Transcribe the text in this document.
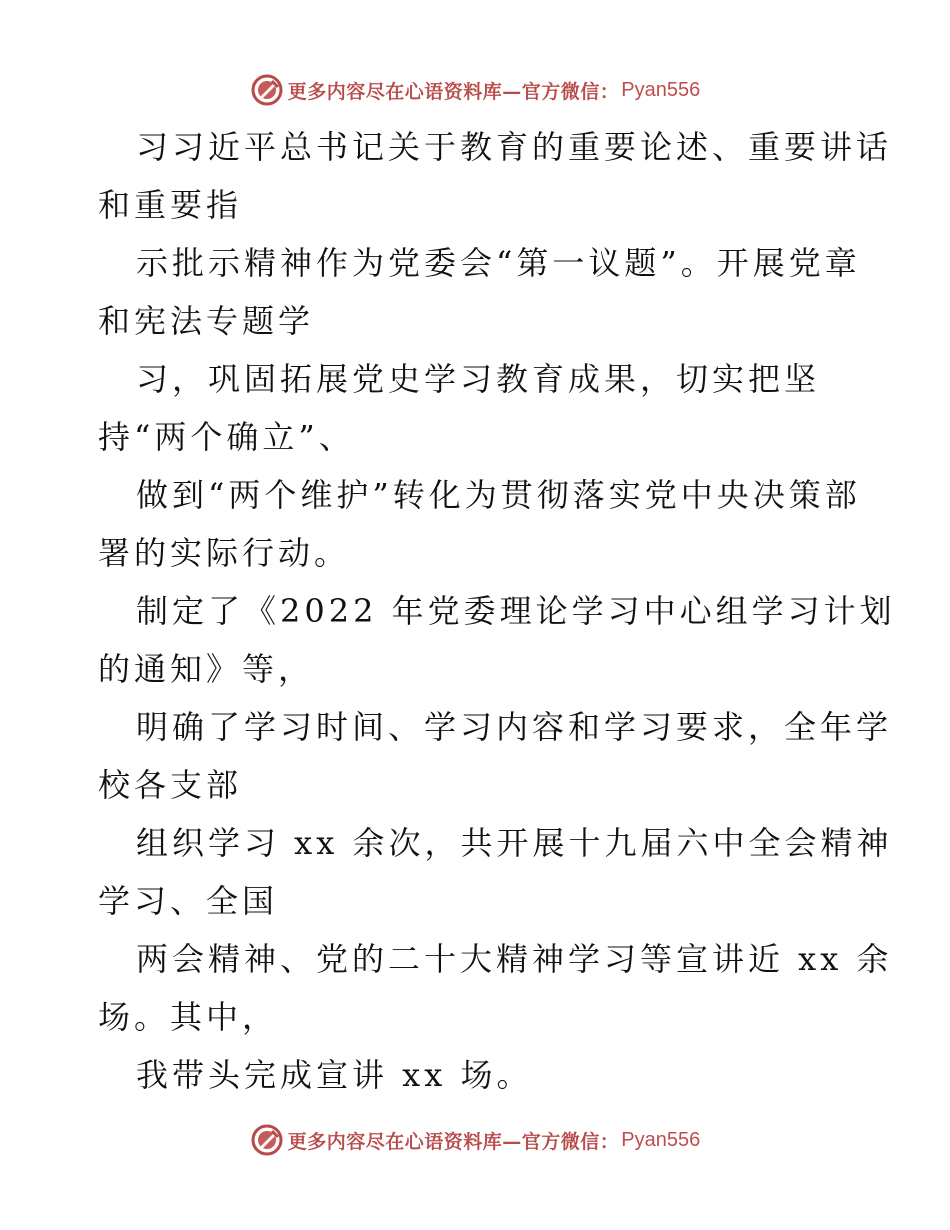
更多内容尽在心语资料库—官方微信： Pyan556
习习近平总书记关于教育的重要论述、重要讲话
和重要指
示批示精神作为党委会“第一议题”。开展党章
和宪法专题学
习，巩固拓展党史学习教育成果，切实把坚
持“两个确立”、
做到“两个维护”转化为贯彻落实党中央决策部
署的实际行动。
制定了《2022 年党委理论学习中心组学习计划
的通知》等，
明确了学习时间、学习内容和学习要求，全年学
校各支部
组织学习 xx 余次，共开展十九届六中全会精神
学习、全国
两会精神、党的二十大精神学习等宣讲近 xx 余
场。其中，
我带头完成宣讲 xx 场。
更多内容尽在心语资料库—官方微信： Pyan556
